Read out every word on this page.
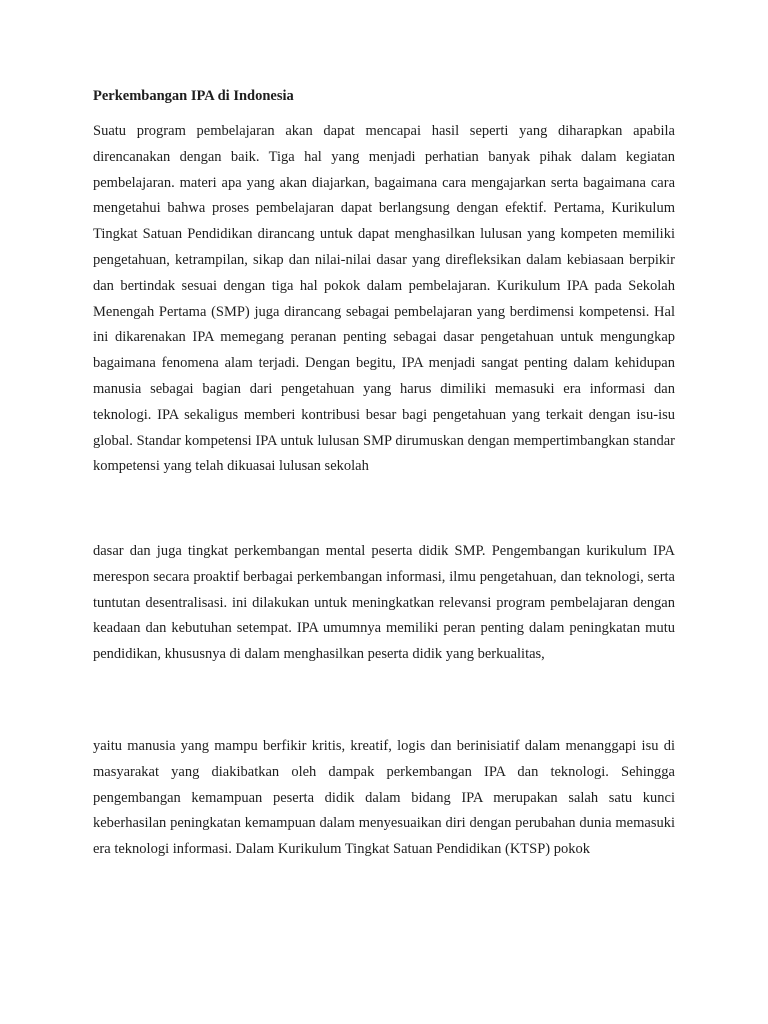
Perkembangan IPA di Indonesia

Suatu program pembelajaran akan dapat mencapai hasil seperti yang diharapkan apabila direncanakan dengan baik. Tiga hal yang menjadi perhatian banyak pihak dalam kegiatan pembelajaran. materi apa yang akan diajarkan, bagaimana cara mengajarkan serta bagaimana cara mengetahui bahwa proses pembelajaran dapat berlangsung dengan efektif. Pertama, Kurikulum Tingkat Satuan Pendidikan dirancang untuk dapat menghasilkan lulusan yang kompeten memiliki pengetahuan, ketrampilan, sikap dan nilai-nilai dasar yang direfleksikan dalam kebiasaan berpikir dan bertindak sesuai dengan tiga hal pokok dalam pembelajaran. Kurikulum IPA pada Sekolah Menengah Pertama (SMP) juga dirancang sebagai pembelajaran yang berdimensi kompetensi. Hal ini dikarenakan IPA memegang peranan penting sebagai dasar pengetahuan untuk mengungkap bagaimana fenomena alam terjadi. Dengan begitu, IPA menjadi sangat penting dalam kehidupan manusia sebagai bagian dari pengetahuan yang harus dimiliki memasuki era informasi dan teknologi. IPA sekaligus memberi kontribusi besar bagi pengetahuan yang terkait dengan isu-isu global. Standar kompetensi IPA untuk lulusan SMP dirumuskan dengan mempertimbangkan standar kompetensi yang telah dikuasai lulusan sekolah

dasar dan juga tingkat perkembangan mental peserta didik SMP. Pengembangan kurikulum IPA merespon secara proaktif berbagai perkembangan informasi, ilmu pengetahuan, dan teknologi, serta tuntutan desentralisasi. ini dilakukan untuk meningkatkan relevansi program pembelajaran dengan keadaan dan kebutuhan setempat. IPA umumnya memiliki peran penting dalam peningkatan mutu pendidikan, khususnya di dalam menghasilkan peserta didik yang berkualitas,

yaitu manusia yang mampu berfikir kritis, kreatif, logis dan berinisiatif dalam menanggapi isu di masyarakat yang diakibatkan oleh dampak perkembangan IPA dan teknologi. Sehingga pengembangan kemampuan peserta didik dalam bidang IPA merupakan salah satu kunci keberhasilan peningkatan kemampuan dalam menyesuaikan diri dengan perubahan dunia memasuki era teknologi informasi. Dalam Kurikulum Tingkat Satuan Pendidikan (KTSP) pokok
